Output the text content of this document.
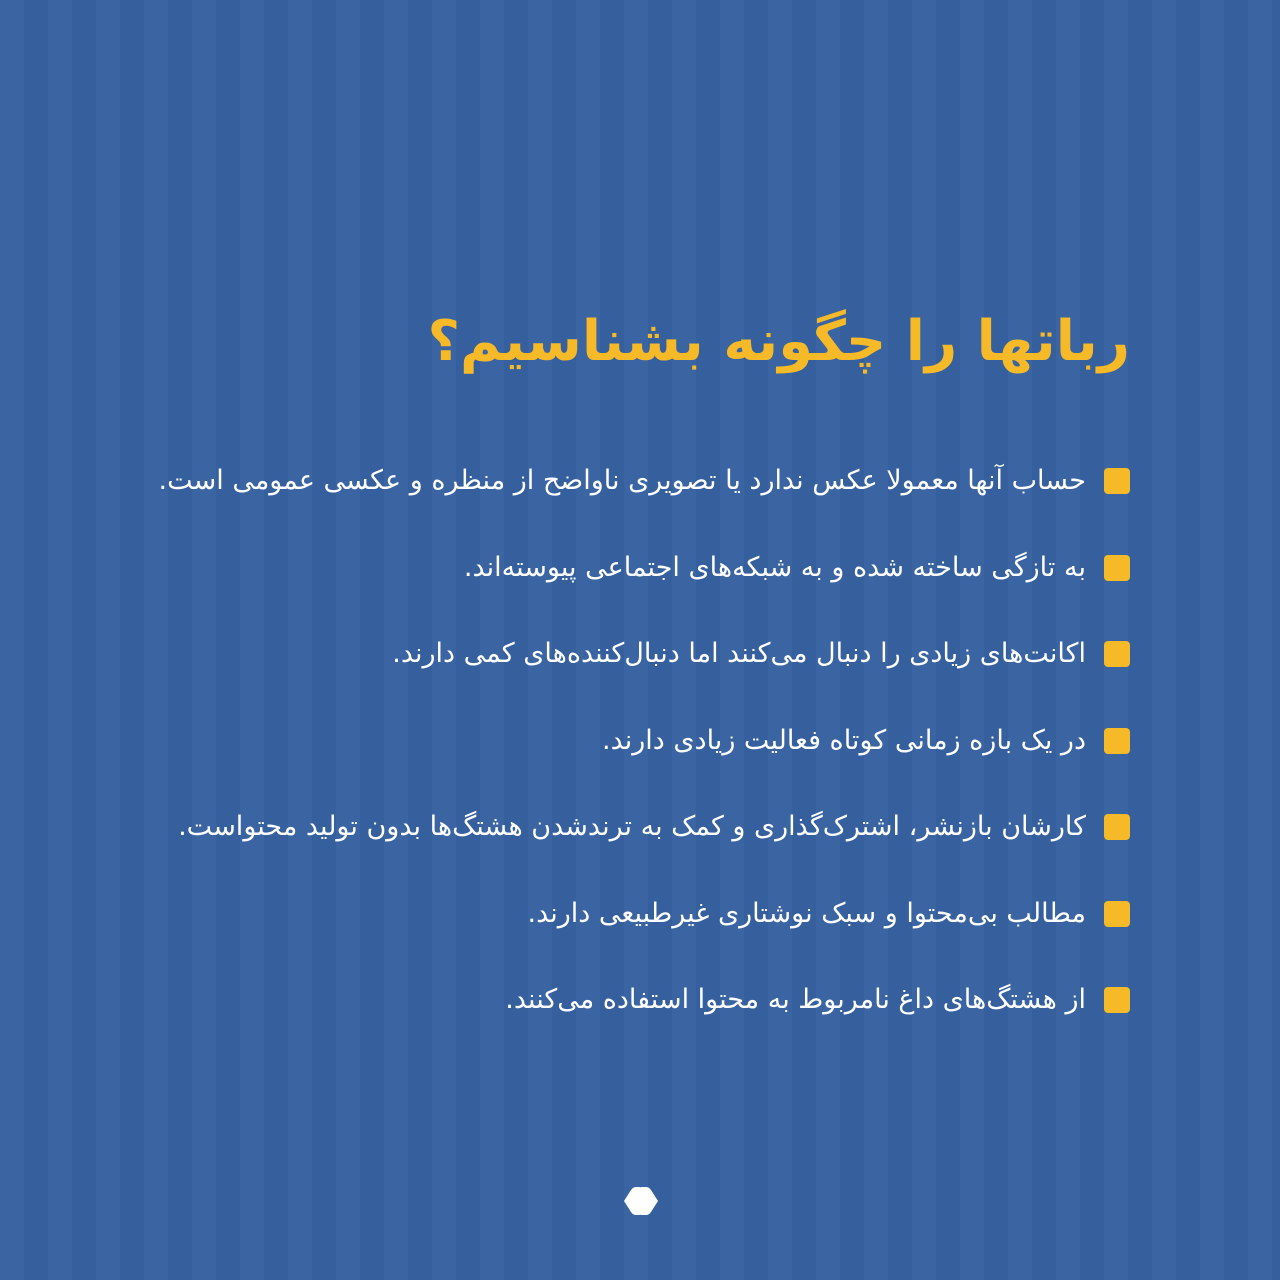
رباتها را چگونه بشناسیم؟
حساب آنها معمولا عکس ندارد یا تصویری ناواضح از منظره و عکسی عمومی است.
به تازگی ساخته شده و به شبکه‌های اجتماعی پیوسته‌اند.
اکانت‌های زیادی را دنبال می‌کنند اما دنبال‌کننده‌های کمی دارند.
در یک بازه زمانی کوتاه فعالیت زیادی دارند.
کارشان بازنشر، اشترک‌گذاری و کمک به ترندشدن هشتگ‌ها بدون تولید محتواست.
مطالب بی‌محتوا و سبک نوشتاری غیرطبیعی دارند.
از هشتگ‌های داغ نامربوط به محتوا استفاده می‌کنند.
